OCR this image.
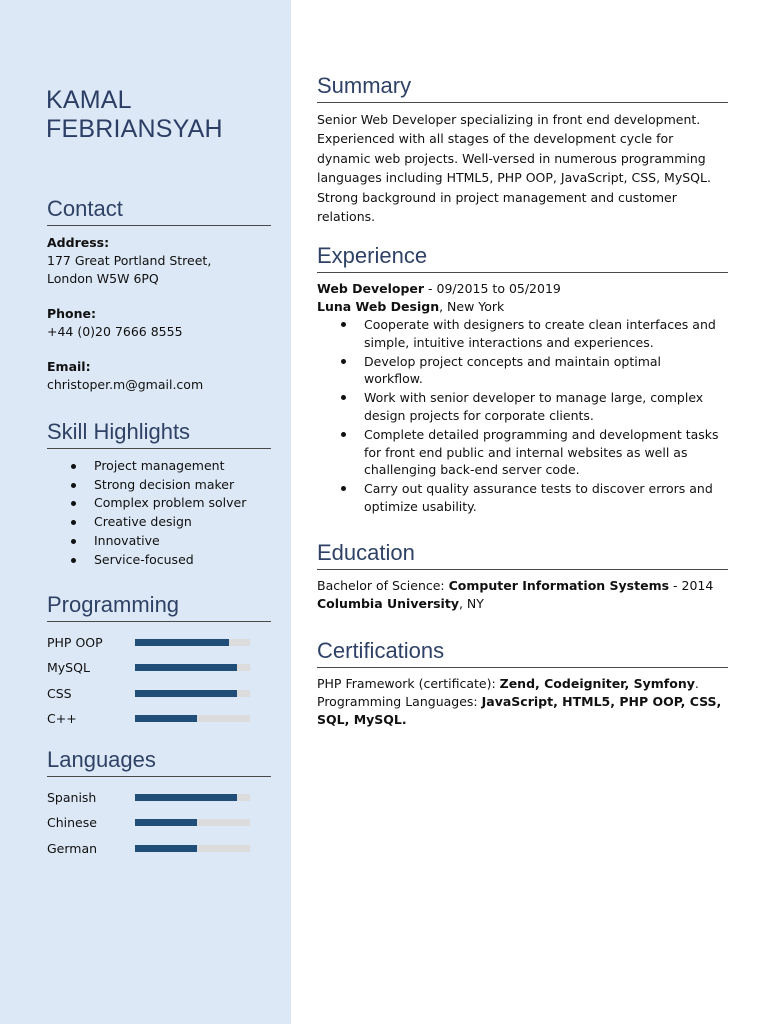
KAMAL
FEBRIANSYAH
Contact
Address:
177 Great Portland Street,
London W5W 6PQ
Phone:
+44 (0)20 7666 8555
Email:
christoper.m@gmail.com
Skill Highlights
Project management
Strong decision maker
Complex problem solver
Creative design
Innovative
Service-focused
Programming
PHP OOP
MySQL
CSS
C++
Languages
Spanish
Chinese
German
Summary
Senior Web Developer specializing in front end development.
Experienced with all stages of the development cycle for
dynamic web projects. Well-versed in numerous programming
languages including HTML5, PHP OOP, JavaScript, CSS, MySQL.
Strong background in project management and customer
relations.
Experience
Web Developer - 09/2015 to 05/2019
Luna Web Design, New York
Cooperate with designers to create clean interfaces and
simple, intuitive interactions and experiences.
Develop project concepts and maintain optimal
workflow.
Work with senior developer to manage large, complex
design projects for corporate clients.
Complete detailed programming and development tasks
for front end public and internal websites as well as
challenging back-end server code.
Carry out quality assurance tests to discover errors and
optimize usability.
Education
Bachelor of Science: Computer Information Systems - 2014
Columbia University, NY
Certifications
PHP Framework (certificate): Zend, Codeigniter, Symfony.
Programming Languages: JavaScript, HTML5, PHP OOP, CSS,
SQL, MySQL.
